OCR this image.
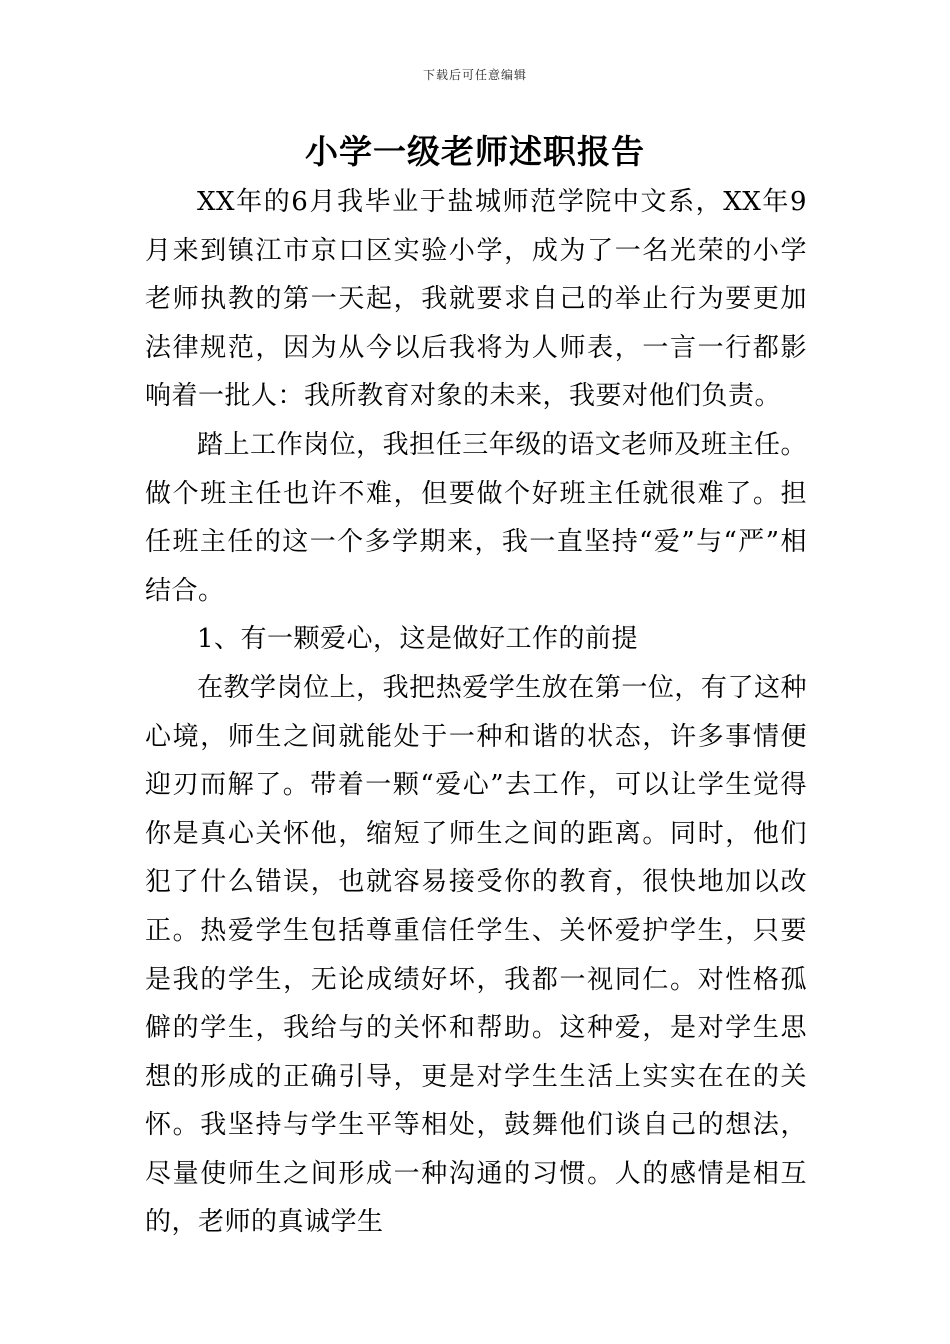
下载后可任意编辑
小学一级老师述职报告

XX年的6月我毕业于盐城师范学院中文系，XX年9月来到镇江市京口区实验小学，成为了一名光荣的小学老师执教的第一天起，我就要求自己的举止行为要更加法律规范，因为从今以后我将为人师表，一言一行都影响着一批人：我所教育对象的未来，我要对他们负责。

踏上工作岗位，我担任三年级的语文老师及班主任。做个班主任也许不难，但要做个好班主任就很难了。担任班主任的这一个多学期来，我一直坚持“爱”与“严”相结合。

1、有一颗爱心，这是做好工作的前提

在教学岗位上，我把热爱学生放在第一位，有了这种心境，师生之间就能处于一种和谐的状态，许多事情便迎刃而解了。带着一颗“爱心”去工作，可以让学生觉得你是真心关怀他，缩短了师生之间的距离。同时，他们犯了什么错误，也就容易接受你的教育，很快地加以改正。热爱学生包括尊重信任学生、关怀爱护学生，只要是我的学生，无论成绩好坏，我都一视同仁。对性格孤僻的学生，我给与的关怀和帮助。这种爱，是对学生思想的形成的正确引导，更是对学生生活上实实在在的关怀。我坚持与学生平等相处，鼓舞他们谈自己的想法，尽量使师生之间形成一种沟通的习惯。人的感情是相互的，老师的真诚学生
